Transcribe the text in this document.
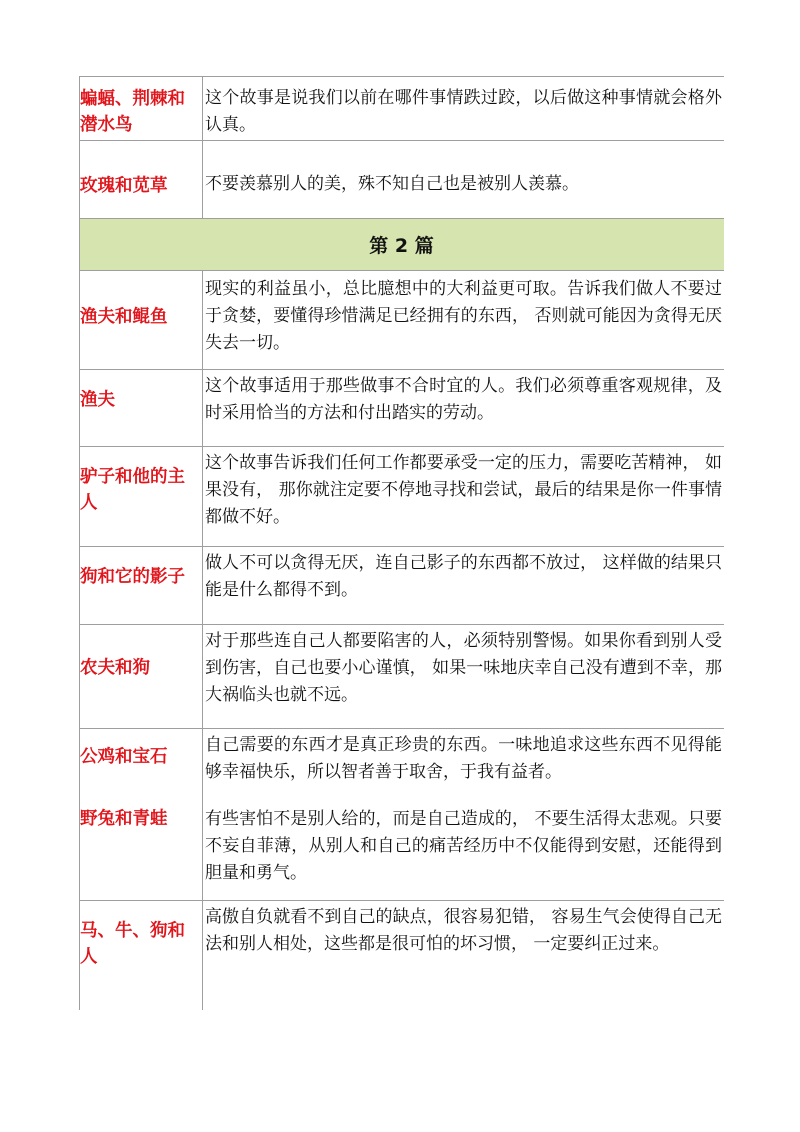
蝙蝠、荆棘和潜水鸟
这个故事是说我们以前在哪件事情跌过跤，以后做这种事情就会格外认真。
玫瑰和苋草	不要羡慕别人的美，殊不知自己也是被别人羡慕。
第 2 篇
渔夫和鲲鱼
现实的利益虽小，总比臆想中的大利益更可取。告诉我们做人不要过于贪婪，要懂得珍惜满足已经拥有的东西， 否则就可能因为贪得无厌失去一切。
渔夫
这个故事适用于那些做事不合时宜的人。我们必须尊重客观规律，及时采用恰当的方法和付出踏实的劳动。
驴子和他的主人
这个故事告诉我们任何工作都要承受一定的压力，需要吃苦精神， 如果没有， 那你就注定要不停地寻找和尝试，最后的结果是你一件事情都做不好。
狗和它的影子
做人不可以贪得无厌，连自己影子的东西都不放过， 这样做的结果只能是什么都得不到。
农夫和狗
对于那些连自己人都要陷害的人，必须特别警惕。如果你看到别人受到伤害，自己也要小心谨慎， 如果一味地庆幸自己没有遭到不幸，那大祸临头也就不远。
公鸡和宝石
自己需要的东西才是真正珍贵的东西。一味地追求这些东西不见得能够幸福快乐，所以智者善于取舍，于我有益者。
野兔和青蛙	有些害怕不是别人给的，而是自己造成的， 不要生活得太悲观。只要不妄自菲薄，从别人和自己的痛苦经历中不仅能得到安慰，还能得到胆量和勇气。
马、牛、狗和人
高傲自负就看不到自己的缺点，很容易犯错， 容易生气会使得自己无法和别人相处，这些都是很可怕的坏习惯， 一定要纠正过来。
